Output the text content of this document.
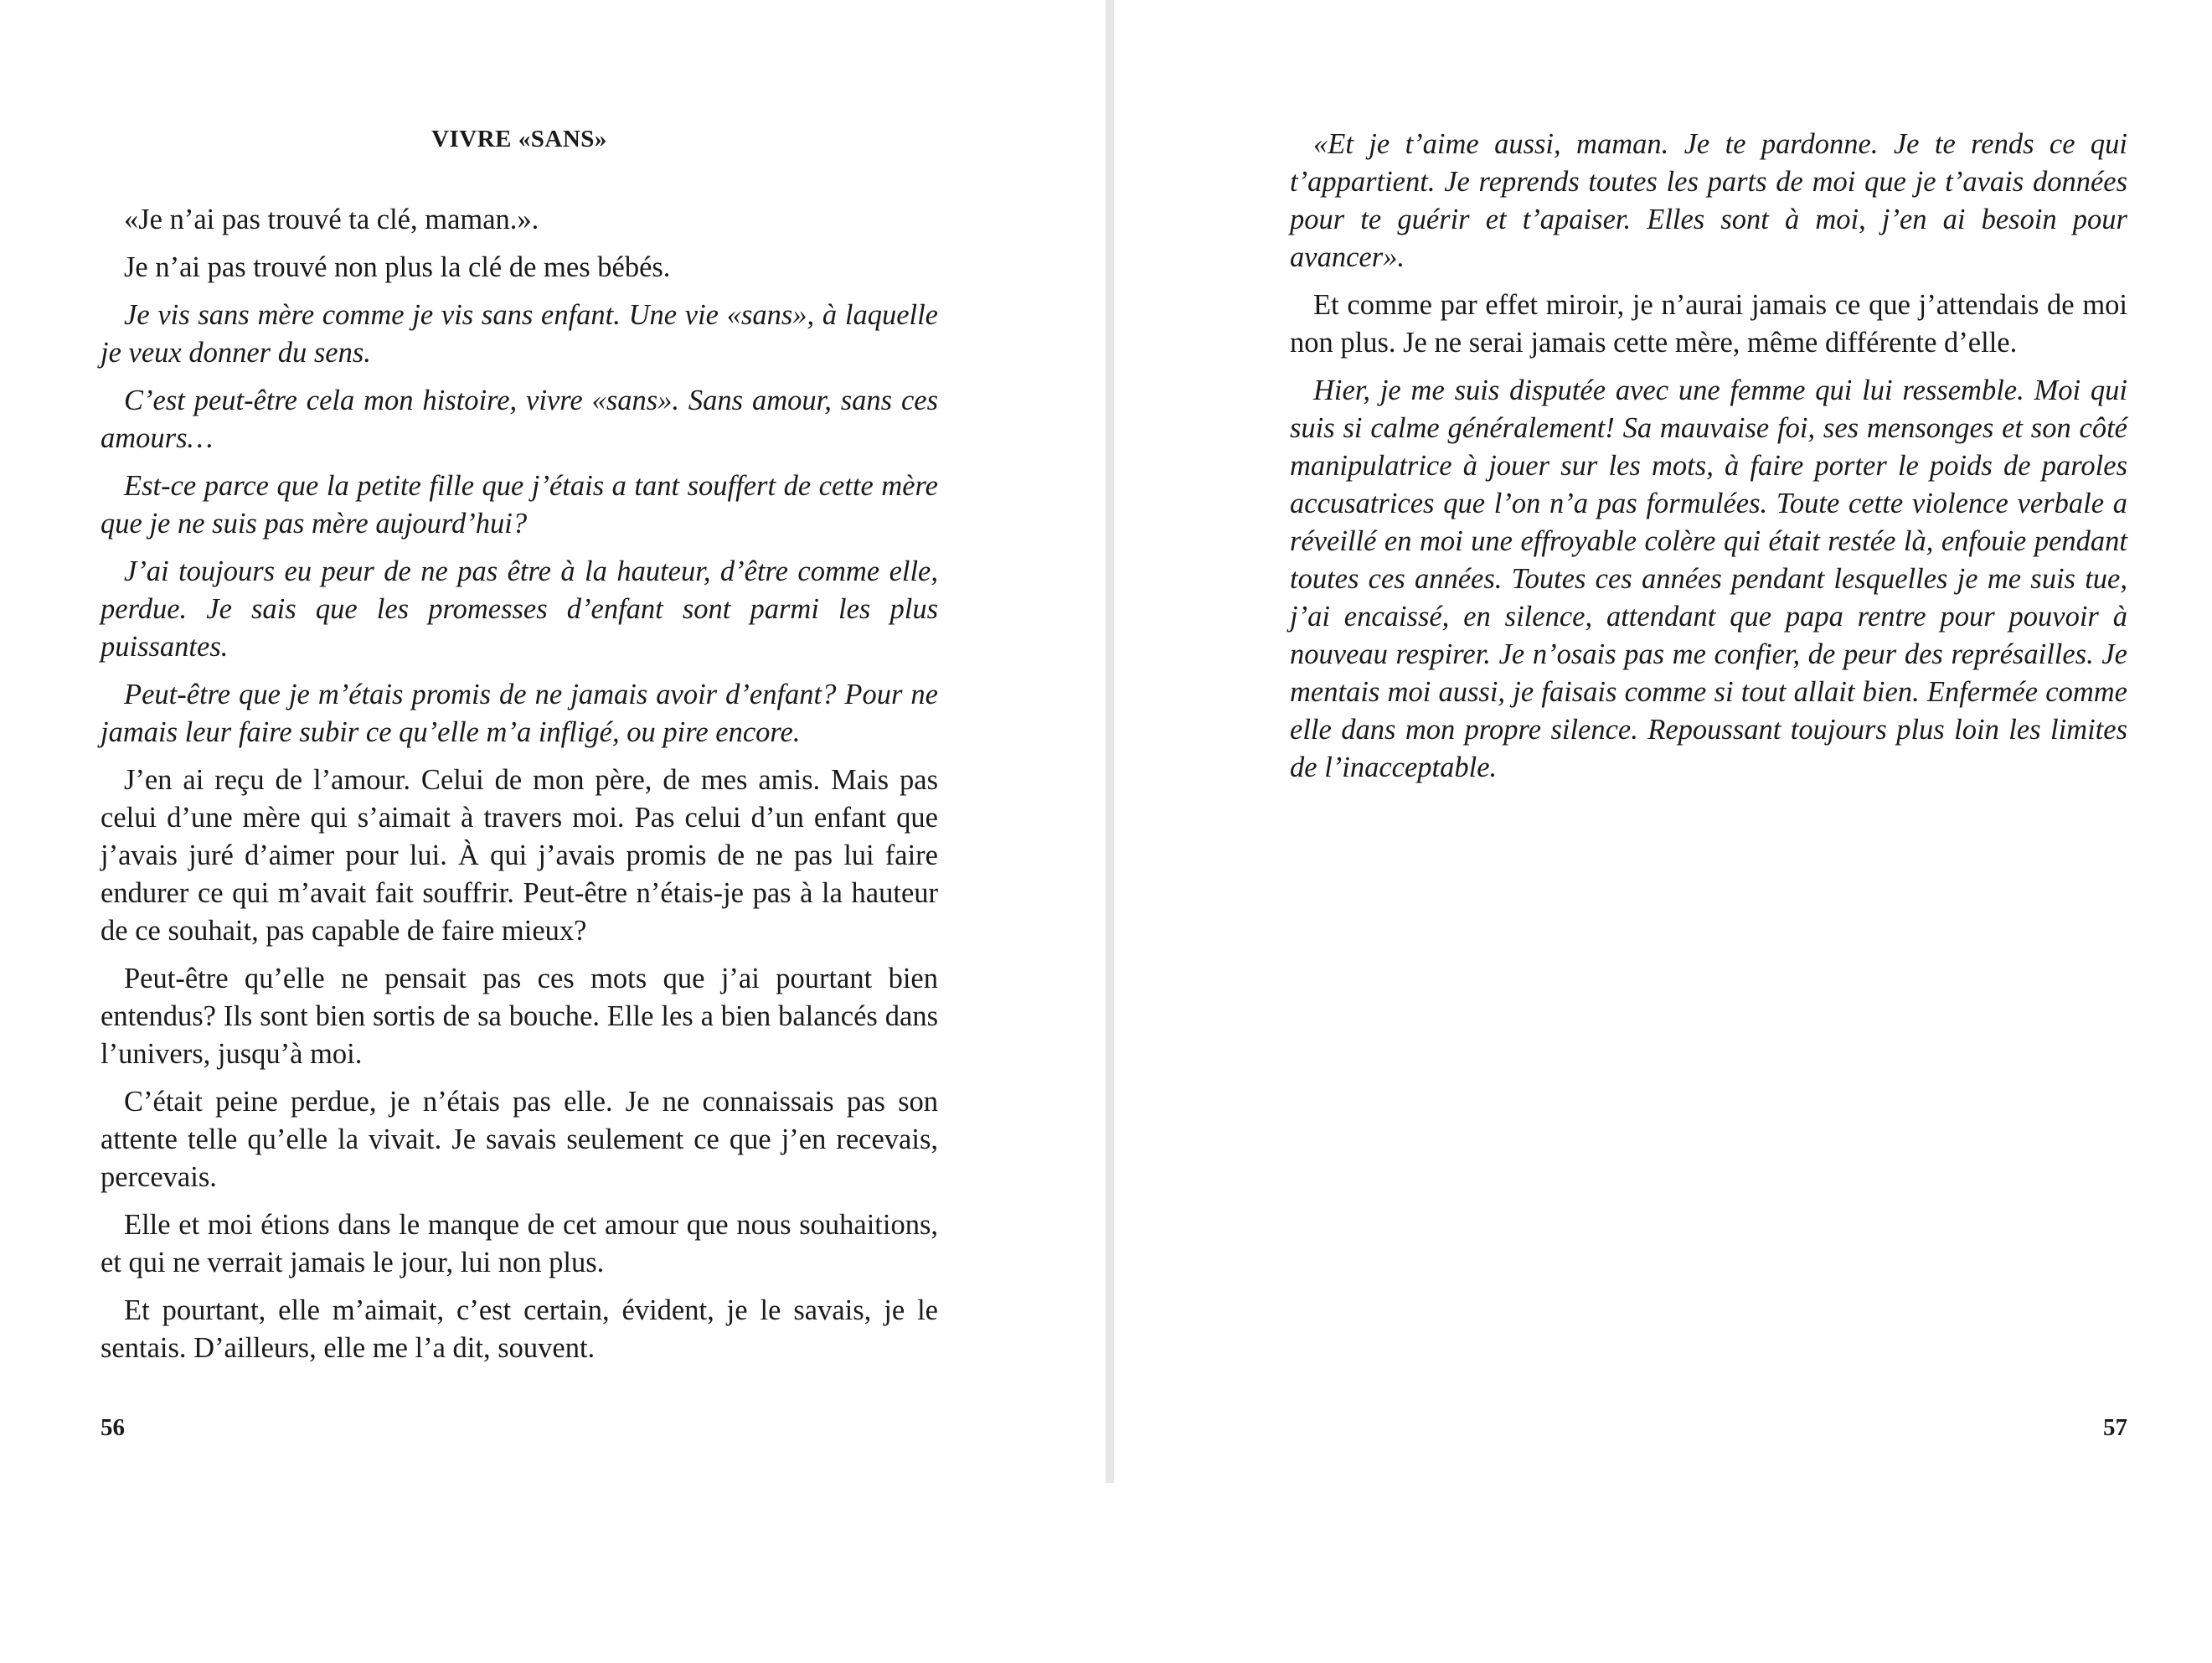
VIVRE «SANS»

«Je n’ai pas trouvé ta clé, maman.».

Je n’ai pas trouvé non plus la clé de mes bébés.

Je vis sans mère comme je vis sans enfant. Une vie «sans», à laquelle je veux donner du sens.

C’est peut-être cela mon histoire, vivre «sans». Sans amour, sans ces amours…

Est-ce parce que la petite fille que j’étais a tant souffert de cette mère que je ne suis pas mère aujourd’hui?

J’ai toujours eu peur de ne pas être à la hauteur, d’être comme elle, perdue. Je sais que les promesses d’enfant sont parmi les plus puissantes.

Peut-être que je m’étais promis de ne jamais avoir d’enfant? Pour ne jamais leur faire subir ce qu’elle m’a infligé, ou pire encore.

J’en ai reçu de l’amour. Celui de mon père, de mes amis. Mais pas celui d’une mère qui s’aimait à travers moi. Pas celui d’un enfant que j’avais juré d’aimer pour lui. À qui j’avais promis de ne pas lui faire endurer ce qui m’avait fait souffrir. Peut-être n’étais-je pas à la hauteur de ce souhait, pas capable de faire mieux?

Peut-être qu’elle ne pensait pas ces mots que j’ai pourtant bien entendus? Ils sont bien sortis de sa bouche. Elle les a bien balancés dans l’univers, jusqu’à moi.

C’était peine perdue, je n’étais pas elle. Je ne connaissais pas son attente telle qu’elle la vivait. Je savais seulement ce que j’en recevais, percevais.

Elle et moi étions dans le manque de cet amour que nous souhaitions, et qui ne verrait jamais le jour, lui non plus.

Et pourtant, elle m’aimait, c’est certain, évident, je le savais, je le sentais. D’ailleurs, elle me l’a dit, souvent.

«Et je t’aime aussi, maman. Je te pardonne. Je te rends ce qui t’appartient. Je reprends toutes les parts de moi que je t’avais données pour te guérir et t’apaiser. Elles sont à moi, j’en ai besoin pour avancer».

Et comme par effet miroir, je n’aurai jamais ce que j’attendais de moi non plus. Je ne serai jamais cette mère, même différente d’elle.

Hier, je me suis disputée avec une femme qui lui ressemble. Moi qui suis si calme généralement! Sa mauvaise foi, ses mensonges et son côté manipulatrice à jouer sur les mots, à faire porter le poids de paroles accusatrices que l’on n’a pas formulées. Toute cette violence verbale a réveillé en moi une effroyable colère qui était restée là, enfouie pendant toutes ces années. Toutes ces années pendant lesquelles je me suis tue, j’ai encaissé, en silence, attendant que papa rentre pour pouvoir à nouveau respirer. Je n’osais pas me confier, de peur des représailles. Je mentais moi aussi, je faisais comme si tout allait bien. Enfermée comme elle dans mon propre silence. Repoussant toujours plus loin les limites de l’inacceptable.

56	57
